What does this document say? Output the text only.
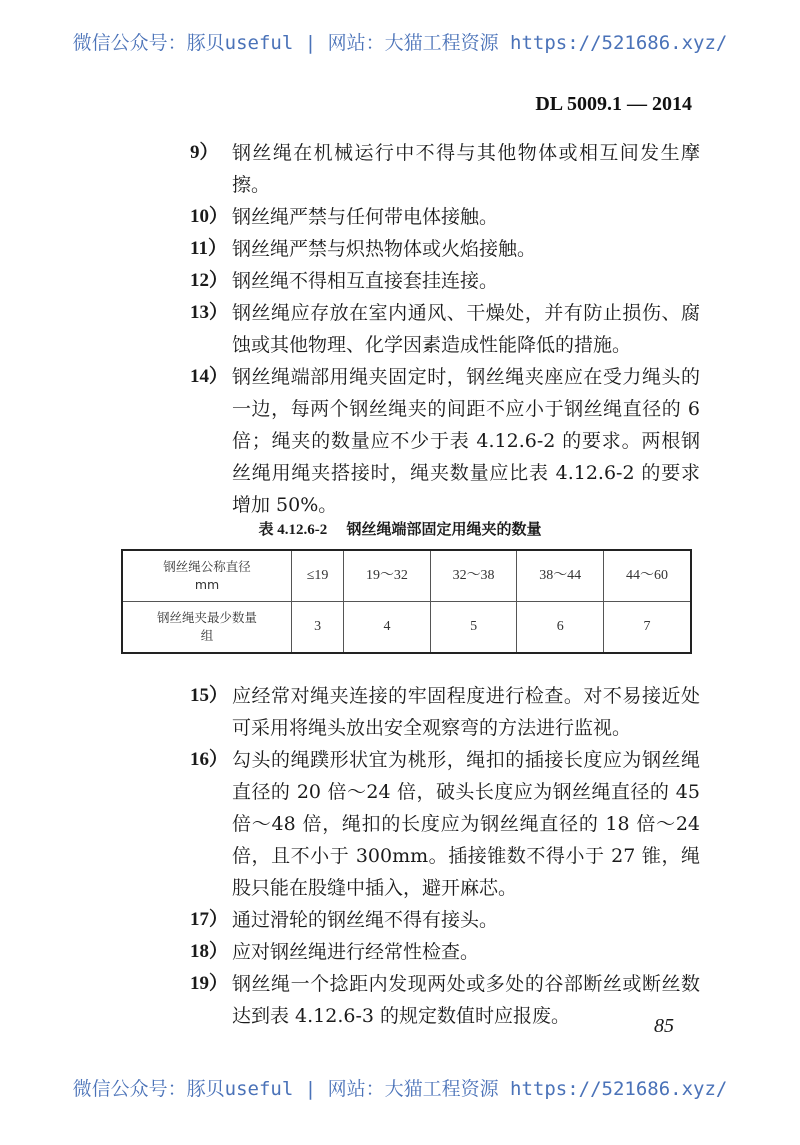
微信公众号：豚贝useful | 网站：大猫工程资源 https://521686.xyz/
DL 5009.1 — 2014
9） 钢丝绳在机械运行中不得与其他物体或相互间发生摩擦。
10） 钢丝绳严禁与任何带电体接触。
11） 钢丝绳严禁与炽热物体或火焰接触。
12） 钢丝绳不得相互直接套挂连接。
13） 钢丝绳应存放在室内通风、干燥处，并有防止损伤、腐蚀或其他物理、化学因素造成性能降低的措施。
14） 钢丝绳端部用绳夹固定时，钢丝绳夹座应在受力绳头的一边，每两个钢丝绳夹的间距不应小于钢丝绳直径的 6 倍；绳夹的数量应不少于表 4.12.6-2 的要求。两根钢丝绳用绳夹搭接时，绳夹数量应比表 4.12.6-2 的要求增加 50%。
表 4.12.6-2 钢丝绳端部固定用绳夹的数量
钢丝绳公称直径
mm	≤19	19～32	32～38	38～44	44～60

钢丝绳夹最少数量
组	3	4	5	6	7
15） 应经常对绳夹连接的牢固程度进行检查。对不易接近处可采用将绳头放出安全观察弯的方法进行监视。
16） 勾头的绳蹼形状宜为桃形，绳扣的插接长度应为钢丝绳直径的 20 倍～24 倍，破头长度应为钢丝绳直径的 45 倍～48 倍，绳扣的长度应为钢丝绳直径的 18 倍～24 倍，且不小于 300mm。插接锥数不得小于 27 锥，绳股只能在股缝中插入，避开麻芯。
17） 通过滑轮的钢丝绳不得有接头。
18） 应对钢丝绳进行经常性检查。
19） 钢丝绳一个捻距内发现两处或多处的谷部断丝或断丝数达到表 4.12.6-3 的规定数值时应报废。	85
微信公众号：豚贝useful | 网站：大猫工程资源 https://521686.xyz/
